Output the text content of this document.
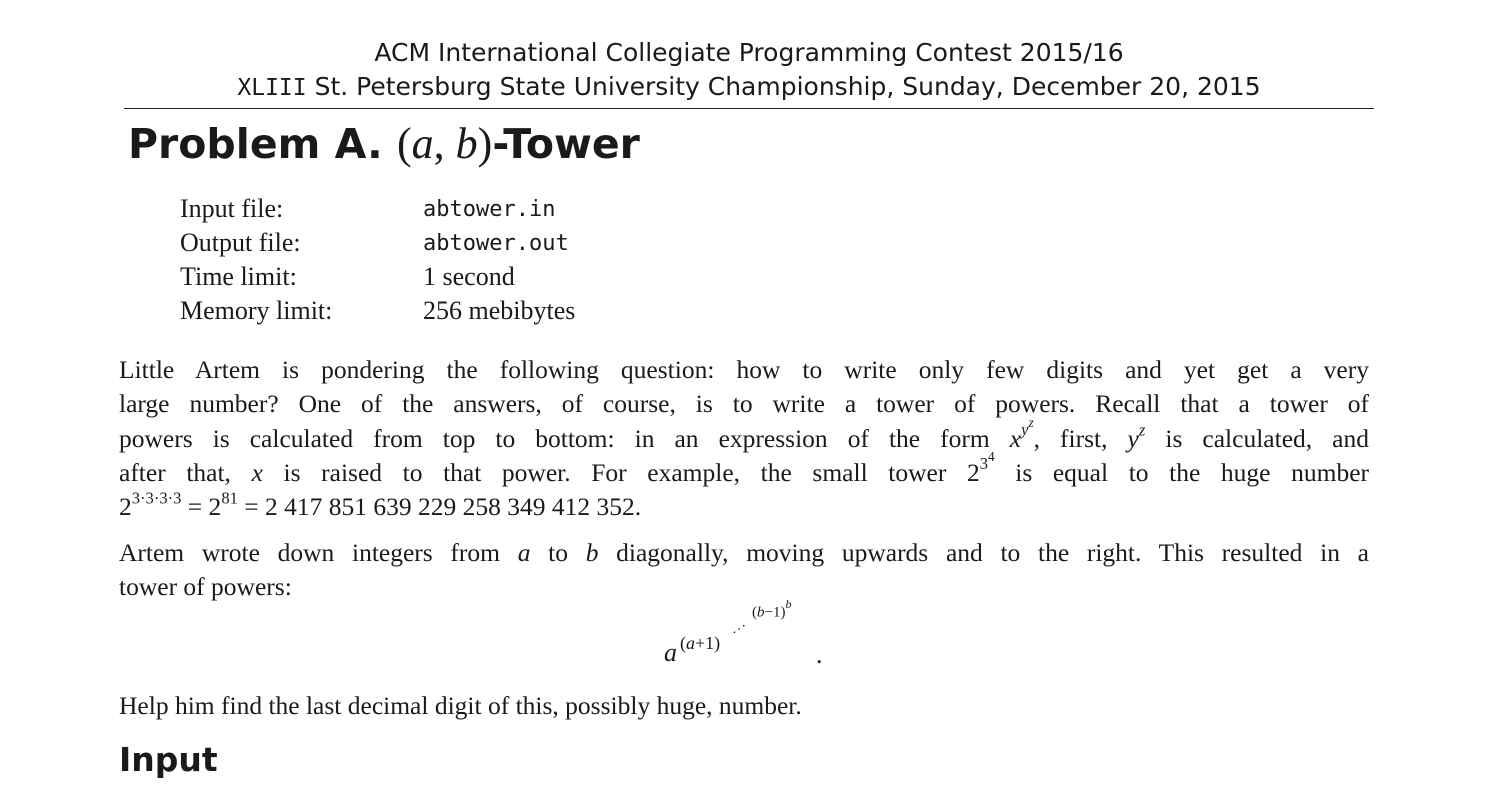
ACM International Collegiate Programming Contest 2015/16
XLIII St. Petersburg State University Championship, Sunday, December 20, 2015
Problem A. (a, b)-Tower
Input file:	abtower.in
Output file:	abtower.out
Time limit:	1 second
Memory limit:	256 mebibytes
Little Artem is pondering the following question: how to write only few digits and yet get a very
large number? One of the answers, of course, is to write a tower of powers. Recall that a tower of
powers is calculated from top to bottom: in an expression of the form $x^{y^z}$, first, $y^z$ is calculated, and
after that, x is raised to that power. For example, the small tower $2^{3^4}$ is equal to the huge number
$2^{3\cdot 3\cdot 3\cdot 3} = 2^{81} = 2$ 417 851 639 229 258 349 412 352.
Artem wrote down integers from a to b diagonally, moving upwards and to the right. This resulted in a
tower of powers:
a (a+1)
···
$(b-1)^b$
.
Help him find the last decimal digit of this, possibly huge, number.
Input
